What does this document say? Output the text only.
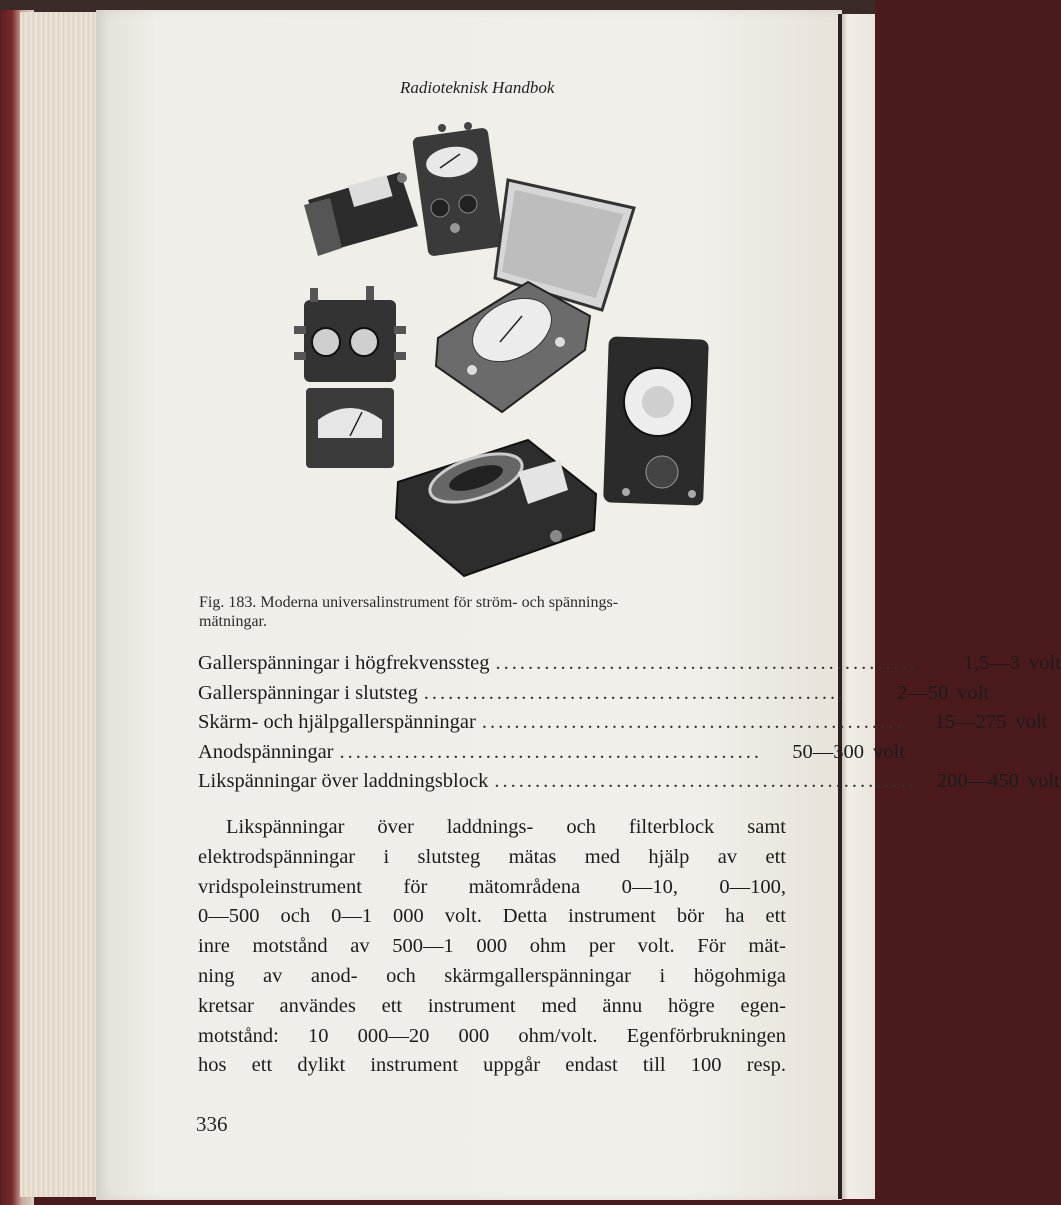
Radioteknisk Handbok
Fig. 183. Moderna universalinstrument för ström- och spännings-
mätningar.
Gallerspänningar i högfrekvenssteg ....................................................	1,5—3 volt
Gallerspänningar i slutsteg ....................................................	2—50 volt
Skärm- och hjälpgallerspänningar ....................................................	15—275 volt
Anodspänningar ....................................................	50—300 volt
Likspänningar över laddningsblock .................................................... 200—450 volt
Likspänningar över laddnings- och filterblock samt
elektrodspänningar i slutsteg mätas med hjälp av ett
vridspoleinstrument för mätområdena 0—10, 0—100,
0—500 och 0—1 000 volt. Detta instrument bör ha ett
inre motstånd av 500—1 000 ohm per volt. För mät-
ning av anod- och skärmgallerspänningar i högohmiga
kretsar användes ett instrument med ännu högre egen-
motstånd: 10 000—20 000 ohm/volt. Egenförbrukningen
hos ett dylikt instrument uppgår endast till 100 resp.
336
